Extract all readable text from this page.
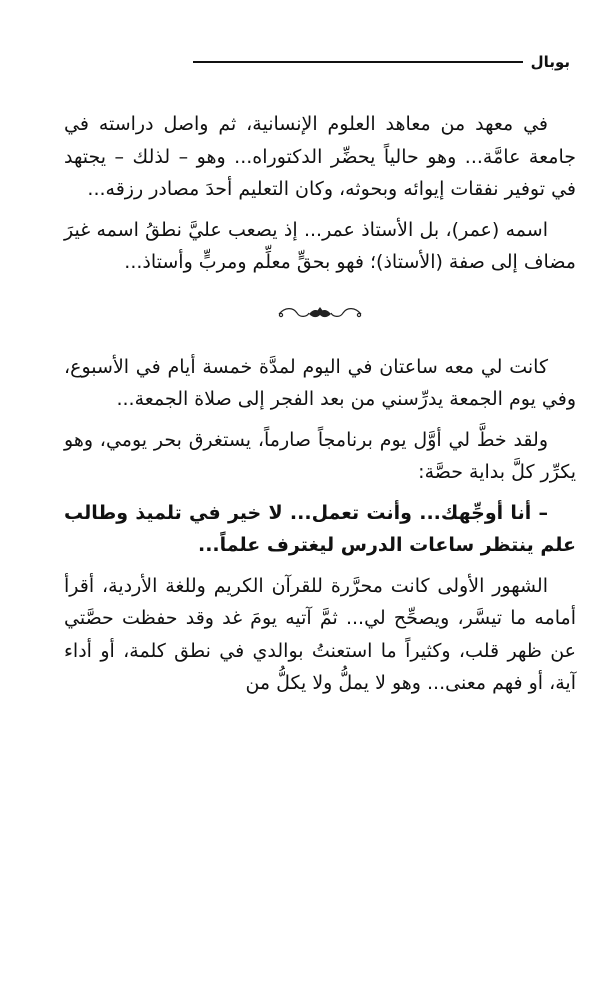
بوبال

في معهد من معاهد العلوم الإنسانية، ثم واصل دراسته في جامعة عامَّة... وهو حالياً يحضِّر الدكتوراه... وهو – لذلك – يجتهد في توفير نفقات إيوائه وبحوثه، وكان التعليم أحدَ مصادر رزقه...

اسمه (عمر)، بل الأستاذ عمر... إذ يصعب عليَّ نطقُ اسمه غيرَ مضاف إلى صفة (الأستاذ)؛ فهو بحقٍّ معلِّم ومربٍّ وأستاذ...

كانت لي معه ساعتان في اليوم لمدَّة خمسة أيام في الأسبوع، وفي يوم الجمعة يدرِّسني من بعد الفجر إلى صلاة الجمعة...

ولقد خطَّ لي أوَّل يوم برنامجاً صارماً، يستغرق بحر يومي، وهو يكرِّر كلَّ بداية حصَّة:

– أنا أوجِّهك... وأنت تعمل... لا خير في تلميذ وطالب علم ينتظر ساعات الدرس ليغترف علماً...

الشهور الأولى كانت محرَّرة للقرآن الكريم وللغة الأردية، أقرأ أمامه ما تيسَّر، ويصحِّح لي... ثمَّ آتيه يومَ غد وقد حفظت حصَّتي عن ظهر قلب، وكثيراً ما استعنتُ بوالدي في نطق كلمة، أو أداء آية، أو فهم معنى... وهو لا يملُّ ولا يكلُّ من
